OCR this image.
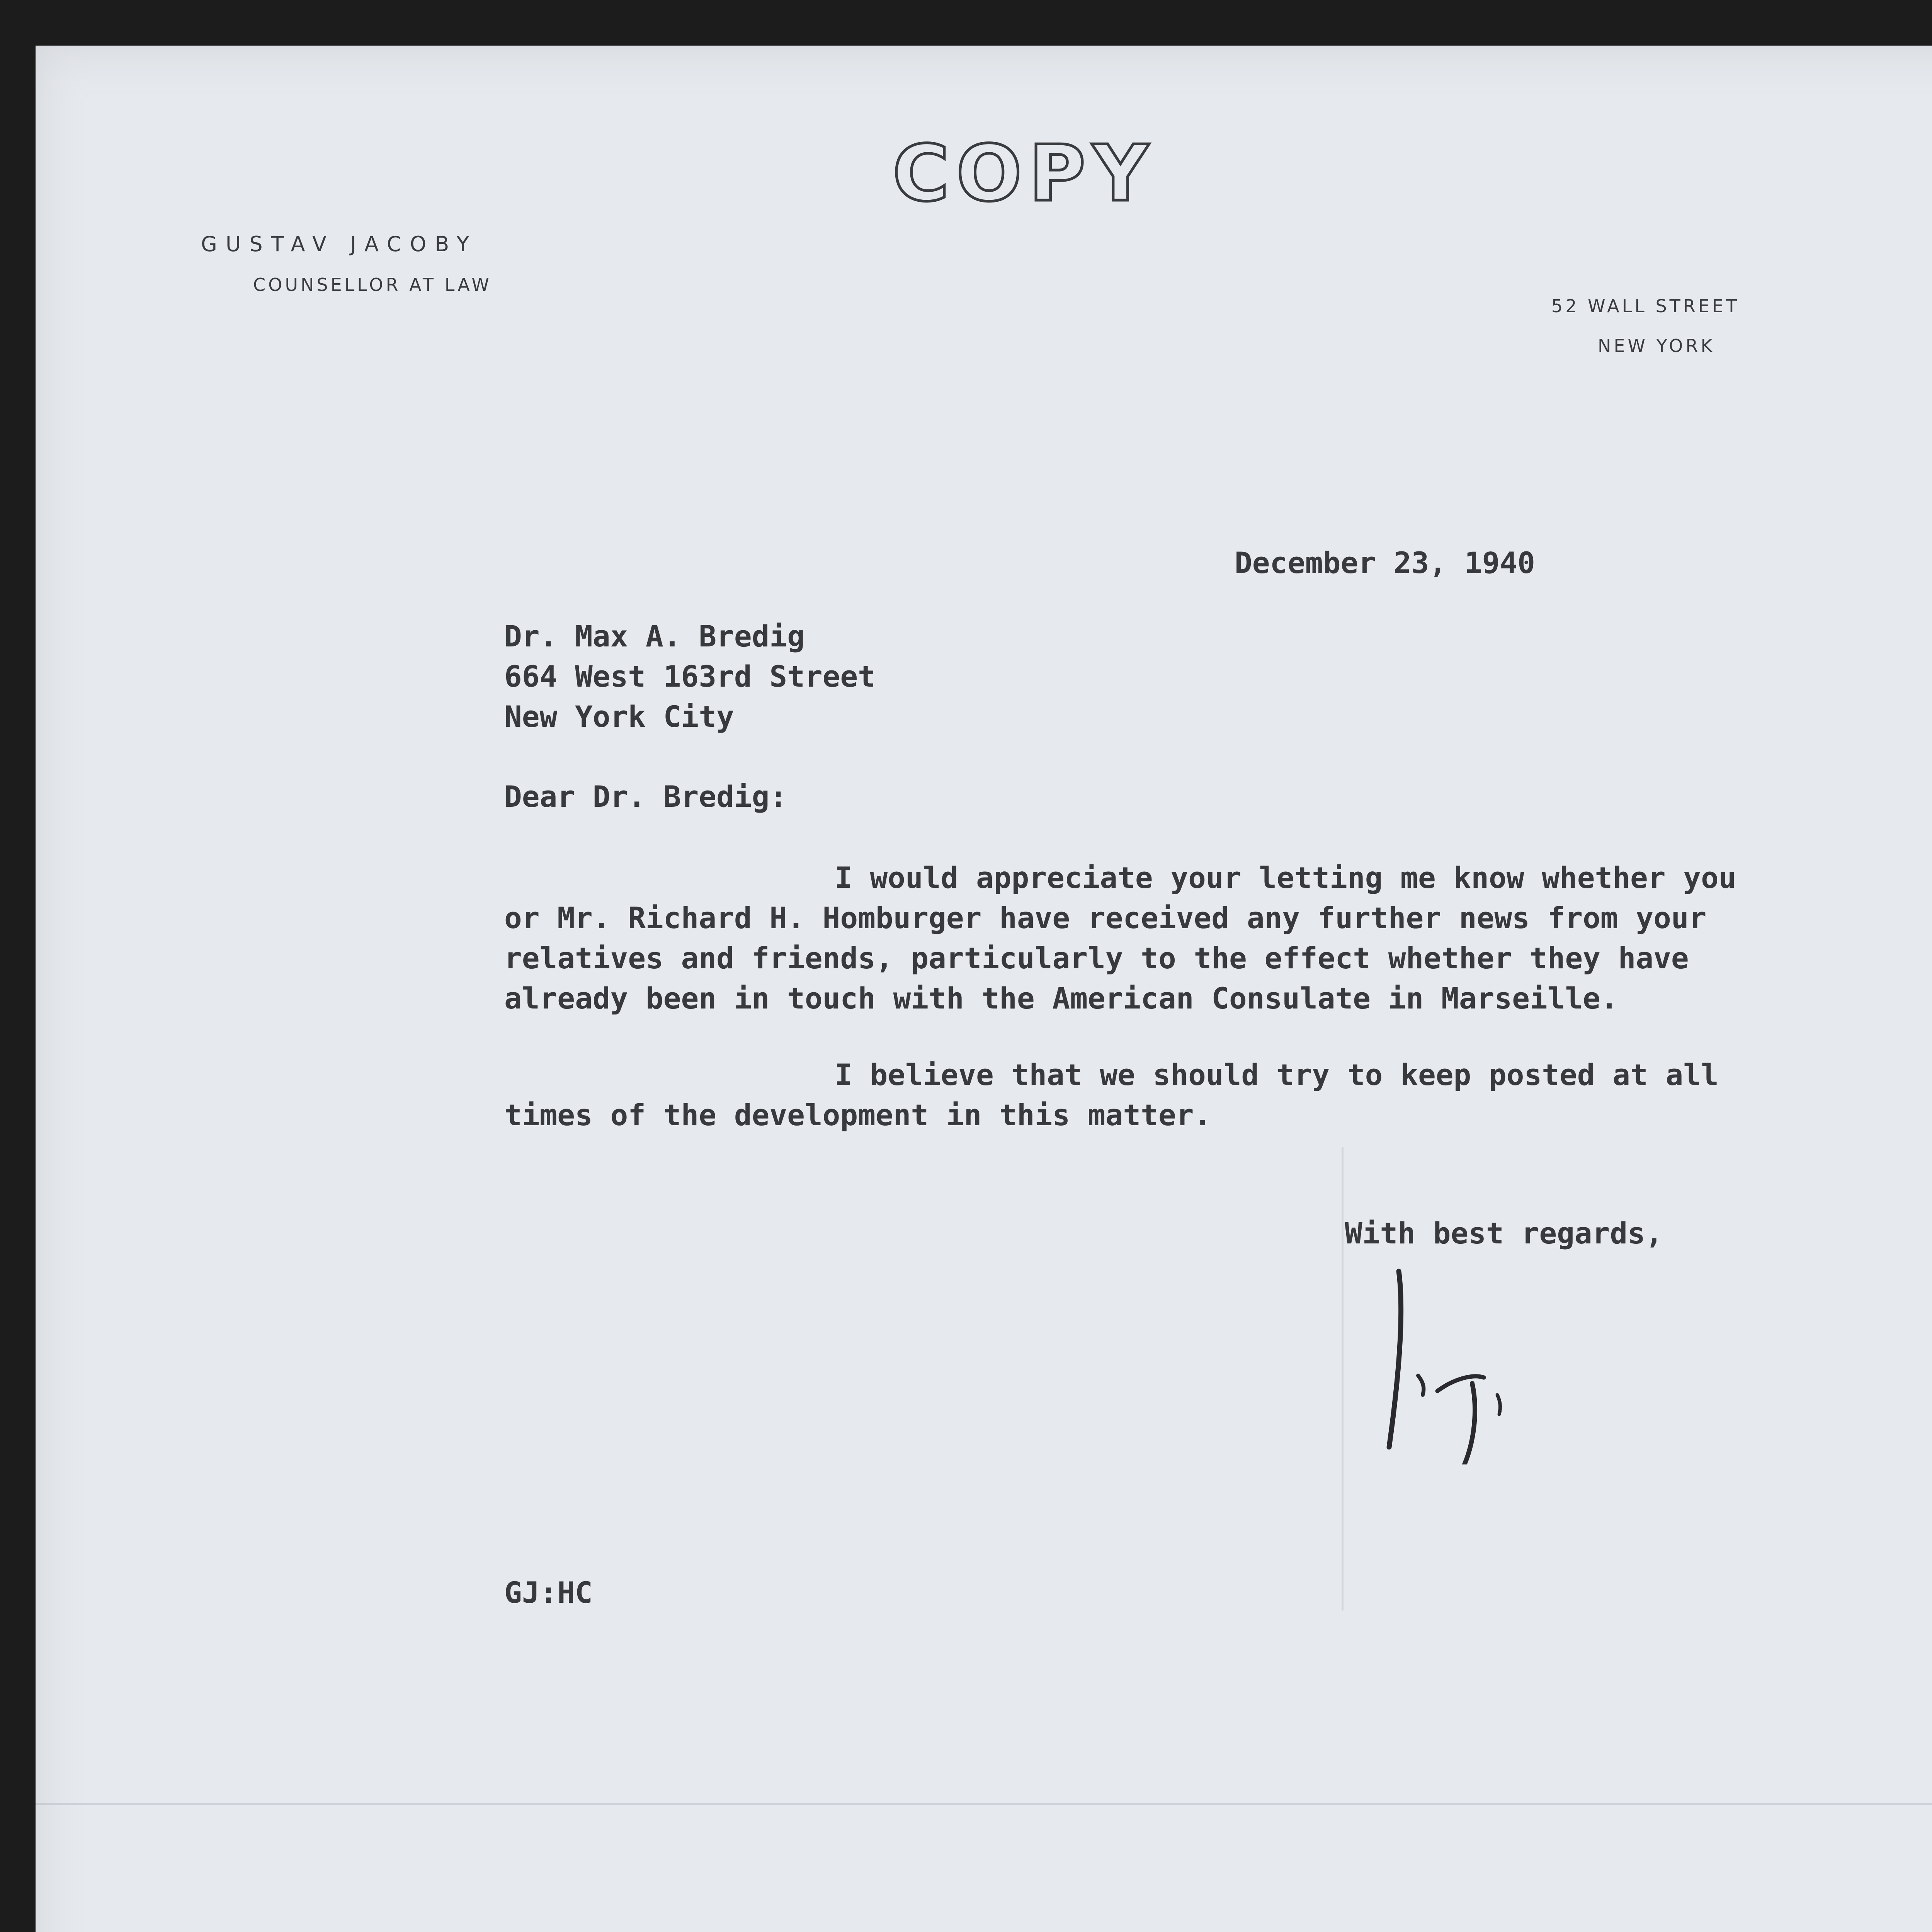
COPY
GUSTAV JACOBY
COUNSELLOR AT LAW
52 WALL STREET
NEW YORK
December 23, 1940
Dr. Max A. Bredig
664 West 163rd Street
New York City
Dear Dr. Bredig:
I would appreciate your letting me know whether you
or Mr. Richard H. Homburger have received any further news from your
relatives and friends, particularly to the effect whether they have
already been in touch with the American Consulate in Marseille.
I believe that we should try to keep posted at all
times of the development in this matter.
With best regards,
GJ:HC
